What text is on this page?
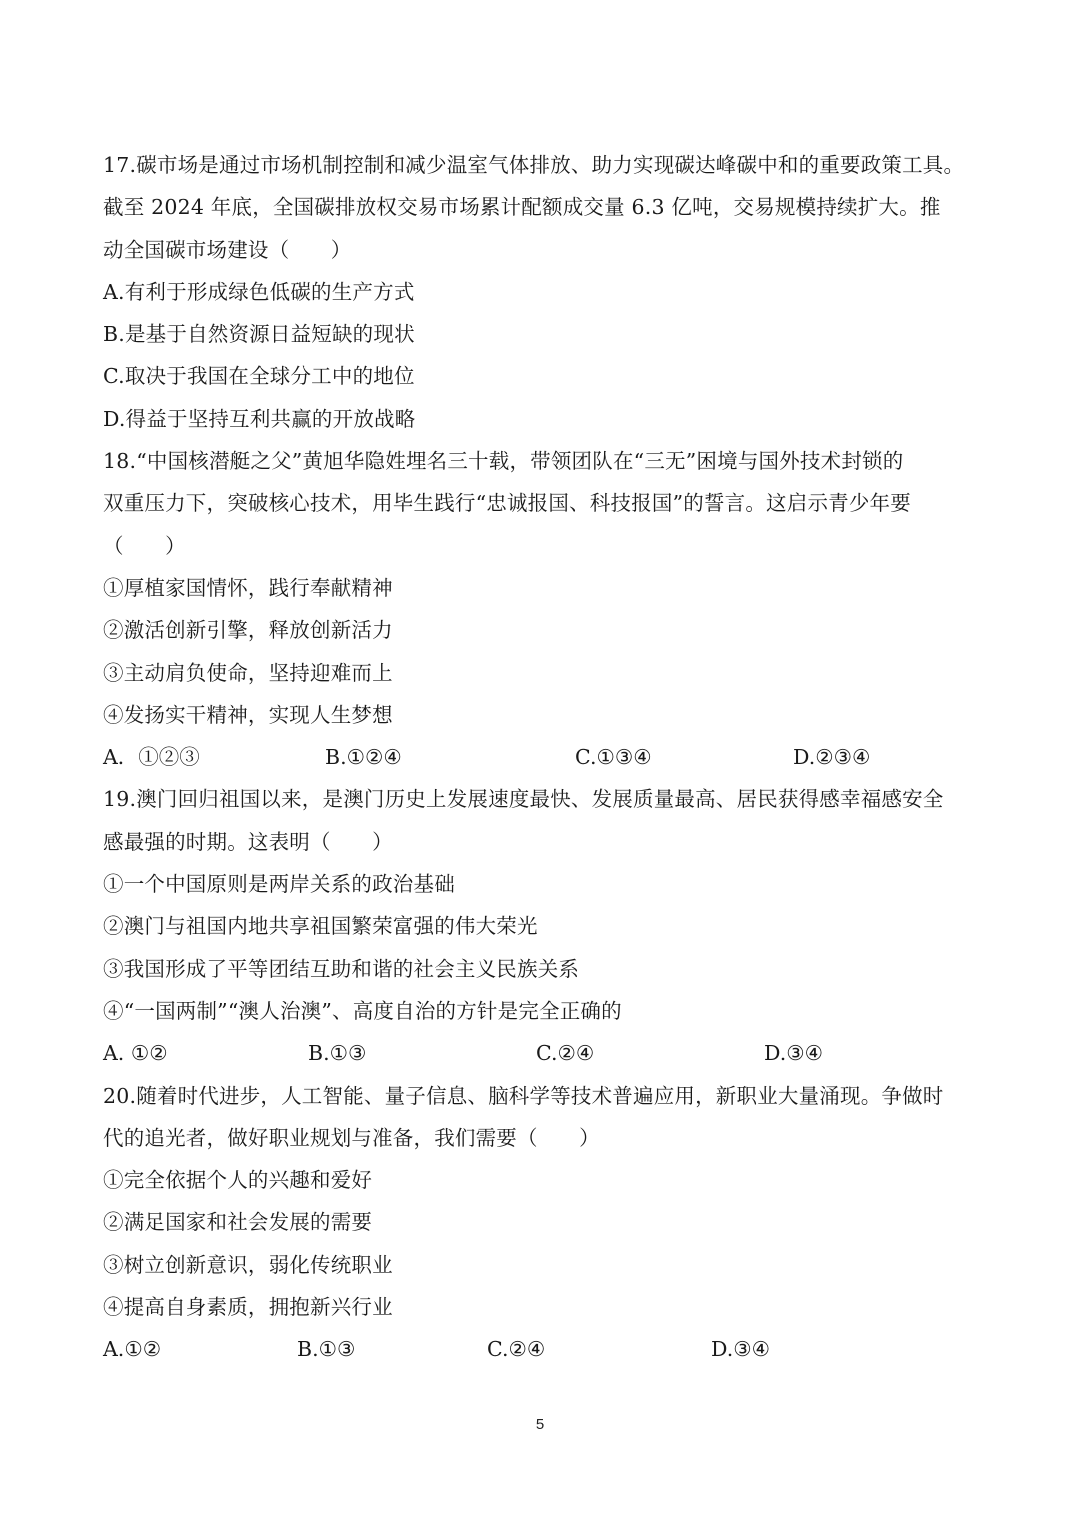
17.碳市场是通过市场机制控制和减少温室气体排放、助力实现碳达峰碳中和的重要政策工具。
截至 2024 年底，全国碳排放权交易市场累计配额成交量 6.3 亿吨，交易规模持续扩大。推
动全国碳市场建设（　　）
A.有利于形成绿色低碳的生产方式
B.是基于自然资源日益短缺的现状
C.取决于我国在全球分工中的地位
D.得益于坚持互利共赢的开放战略
18.“中国核潜艇之父”黄旭华隐姓埋名三十载，带领团队在“三无”困境与国外技术封锁的
双重压力下，突破核心技术，用毕生践行“忠诚报国、科技报国”的誓言。这启示青少年要
（　　）
①厚植家国情怀，践行奉献精神
②激活创新引擎，释放创新活力
③主动肩负使命，坚持迎难而上
④发扬实干精神，实现人生梦想
A．①②③	B.①②④	C.①③④	D.②③④
19.澳门回归祖国以来，是澳门历史上发展速度最快、发展质量最高、居民获得感幸福感安全
感最强的时期。这表明（　　）
①一个中国原则是两岸关系的政治基础
②澳门与祖国内地共享祖国繁荣富强的伟大荣光
③我国形成了平等团结互助和谐的社会主义民族关系
④“一国两制”“澳人治澳”、高度自治的方针是完全正确的
A. ①②	B.①③	C.②④	D.③④
20.随着时代进步，人工智能、量子信息、脑科学等技术普遍应用，新职业大量涌现。争做时
代的追光者，做好职业规划与准备，我们需要（　　）
①完全依据个人的兴趣和爱好
②满足国家和社会发展的需要
③树立创新意识，弱化传统职业
④提高自身素质，拥抱新兴行业
A.①②	B.①③	C.②④	D.③④
5
